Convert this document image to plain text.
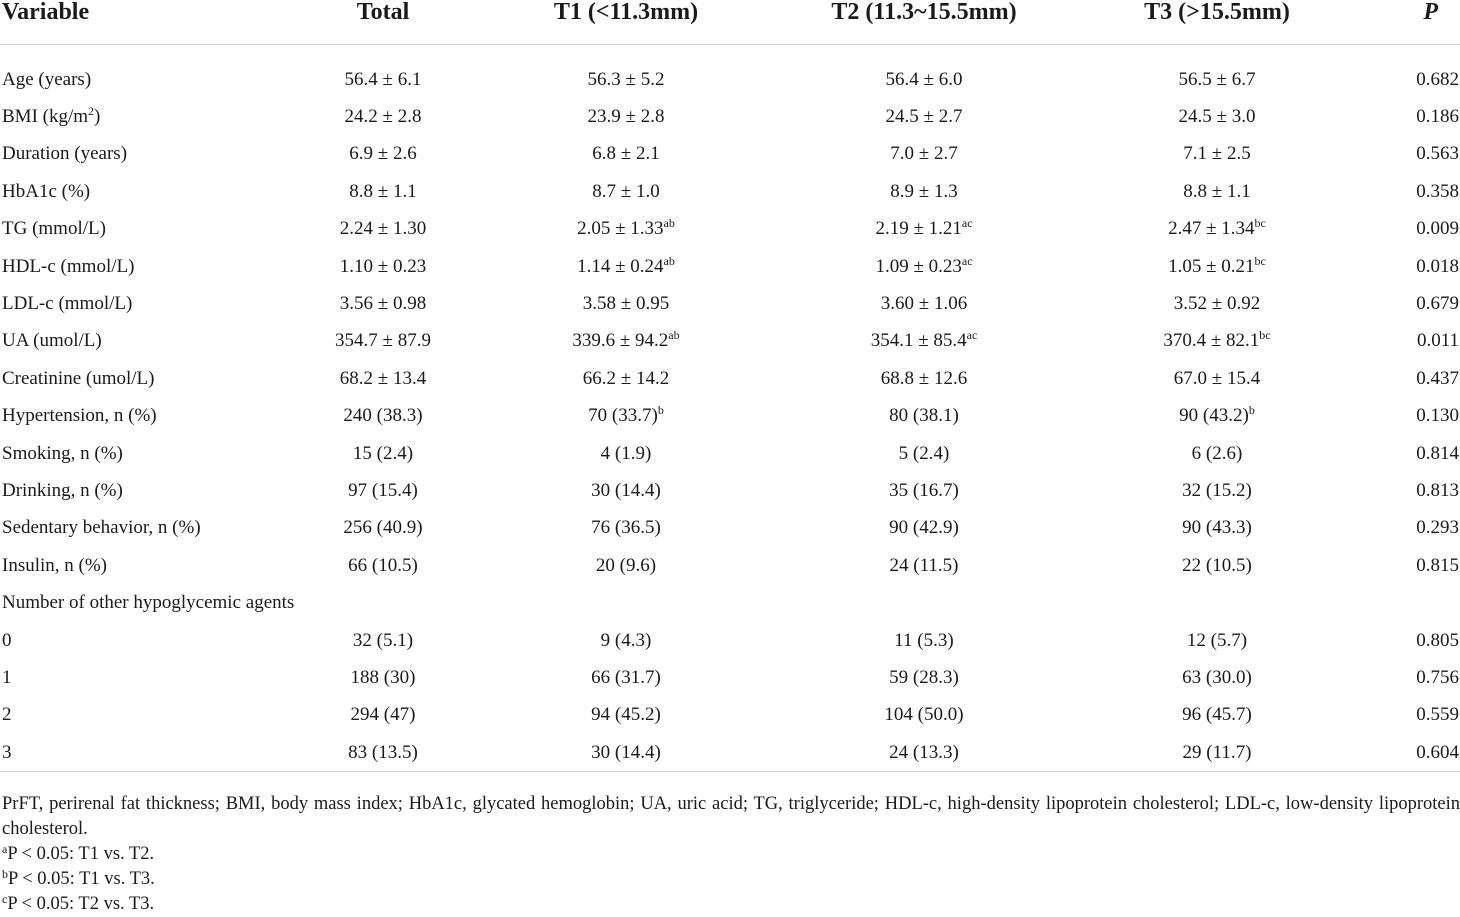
Variable	Total	T1 (<11.3mm)	T2 (11.3~15.5mm)	T3 (>15.5mm)	P

Age (years)	56.4 ± 6.1	56.3 ± 5.2	56.4 ± 6.0	56.5 ± 6.7	0.682
BMI $(kg/m^2)$	24.2 ± 2.8	23.9 ± 2.8	24.5 ± 2.7	24.5 ± 3.0	0.186
Duration (years)	6.9 ± 2.6	6.8 ± 2.1	7.0 ± 2.7	7.1 ± 2.5	0.563
HbA1c (%)	8.8 ± 1.1	8.7 ± 1.0	8.9 ± 1.3	8.8 ± 1.1	0.358
TG (mmol/L)	2.24 ± 1.30	2.05 ± 1.33$^{ab}$	2.19 ± 1.21$^{ac}$	2.47 ± 1.34$^{bc}$	0.009
HDL-c (mmol/L)	1.10 ± 0.23	1.14 ± 0.24$^{ab}$	1.09 ± 0.23$^{ac}$	1.05 ± 0.21$^{bc}$	0.018
LDL-c (mmol/L)	3.56 ± 0.98	3.58 ± 0.95	3.60 ± 1.06	3.52 ± 0.92	0.679
UA (umol/L)	354.7 ± 87.9	339.6 ± 94.2$^{ab}$	354.1 ± 85.4$^{ac}$	370.4 ± 82.1$^{bc}$	0.011
Creatinine (umol/L)	68.2 ± 13.4	66.2 ± 14.2	68.8 ± 12.6	67.0 ± 15.4	0.437
Hypertension, n (%)	240 (38.3)	70 $(33.7)^b$	80 (38.1)	90 $(43.2)^b$	0.130
Smoking, n (%)	15 (2.4)	4 (1.9)	5 (2.4)	6 (2.6)	0.814
Drinking, n (%)	97 (15.4)	30 (14.4)	35 (16.7)	32 (15.2)	0.813
Sedentary behavior, n (%)	256 (40.9)	76 (36.5)	90 (42.9)	90 (43.3)	0.293
Insulin, n (%)	66 (10.5)	20 (9.6)	24 (11.5)	22 (10.5)	0.815
Number of other hypoglycemic agents					
0	32 (5.1)	9 (4.3)	11 (5.3)	12 (5.7)	0.805
1	188 (30)	66 (31.7)	59 (28.3)	63 (30.0)	0.756
2	294 (47)	94 (45.2)	104 (50.0)	96 (45.7)	0.559
3	83 (13.5)	30 (14.4)	24 (13.3)	29 (11.7)	0.604
PrFT, perirenal fat thickness; BMI, body mass index; HbA1c, glycated hemoglobin; UA, uric acid; TG, triglyceride; HDL-c, high-density lipoprotein cholesterol; LDL-c, low-density lipoprotein cholesterol.
$^a$P < 0.05: T1 vs. T2.
$^b$P < 0.05: T1 vs. T3.
$^c$P < 0.05: T2 vs. T3.
